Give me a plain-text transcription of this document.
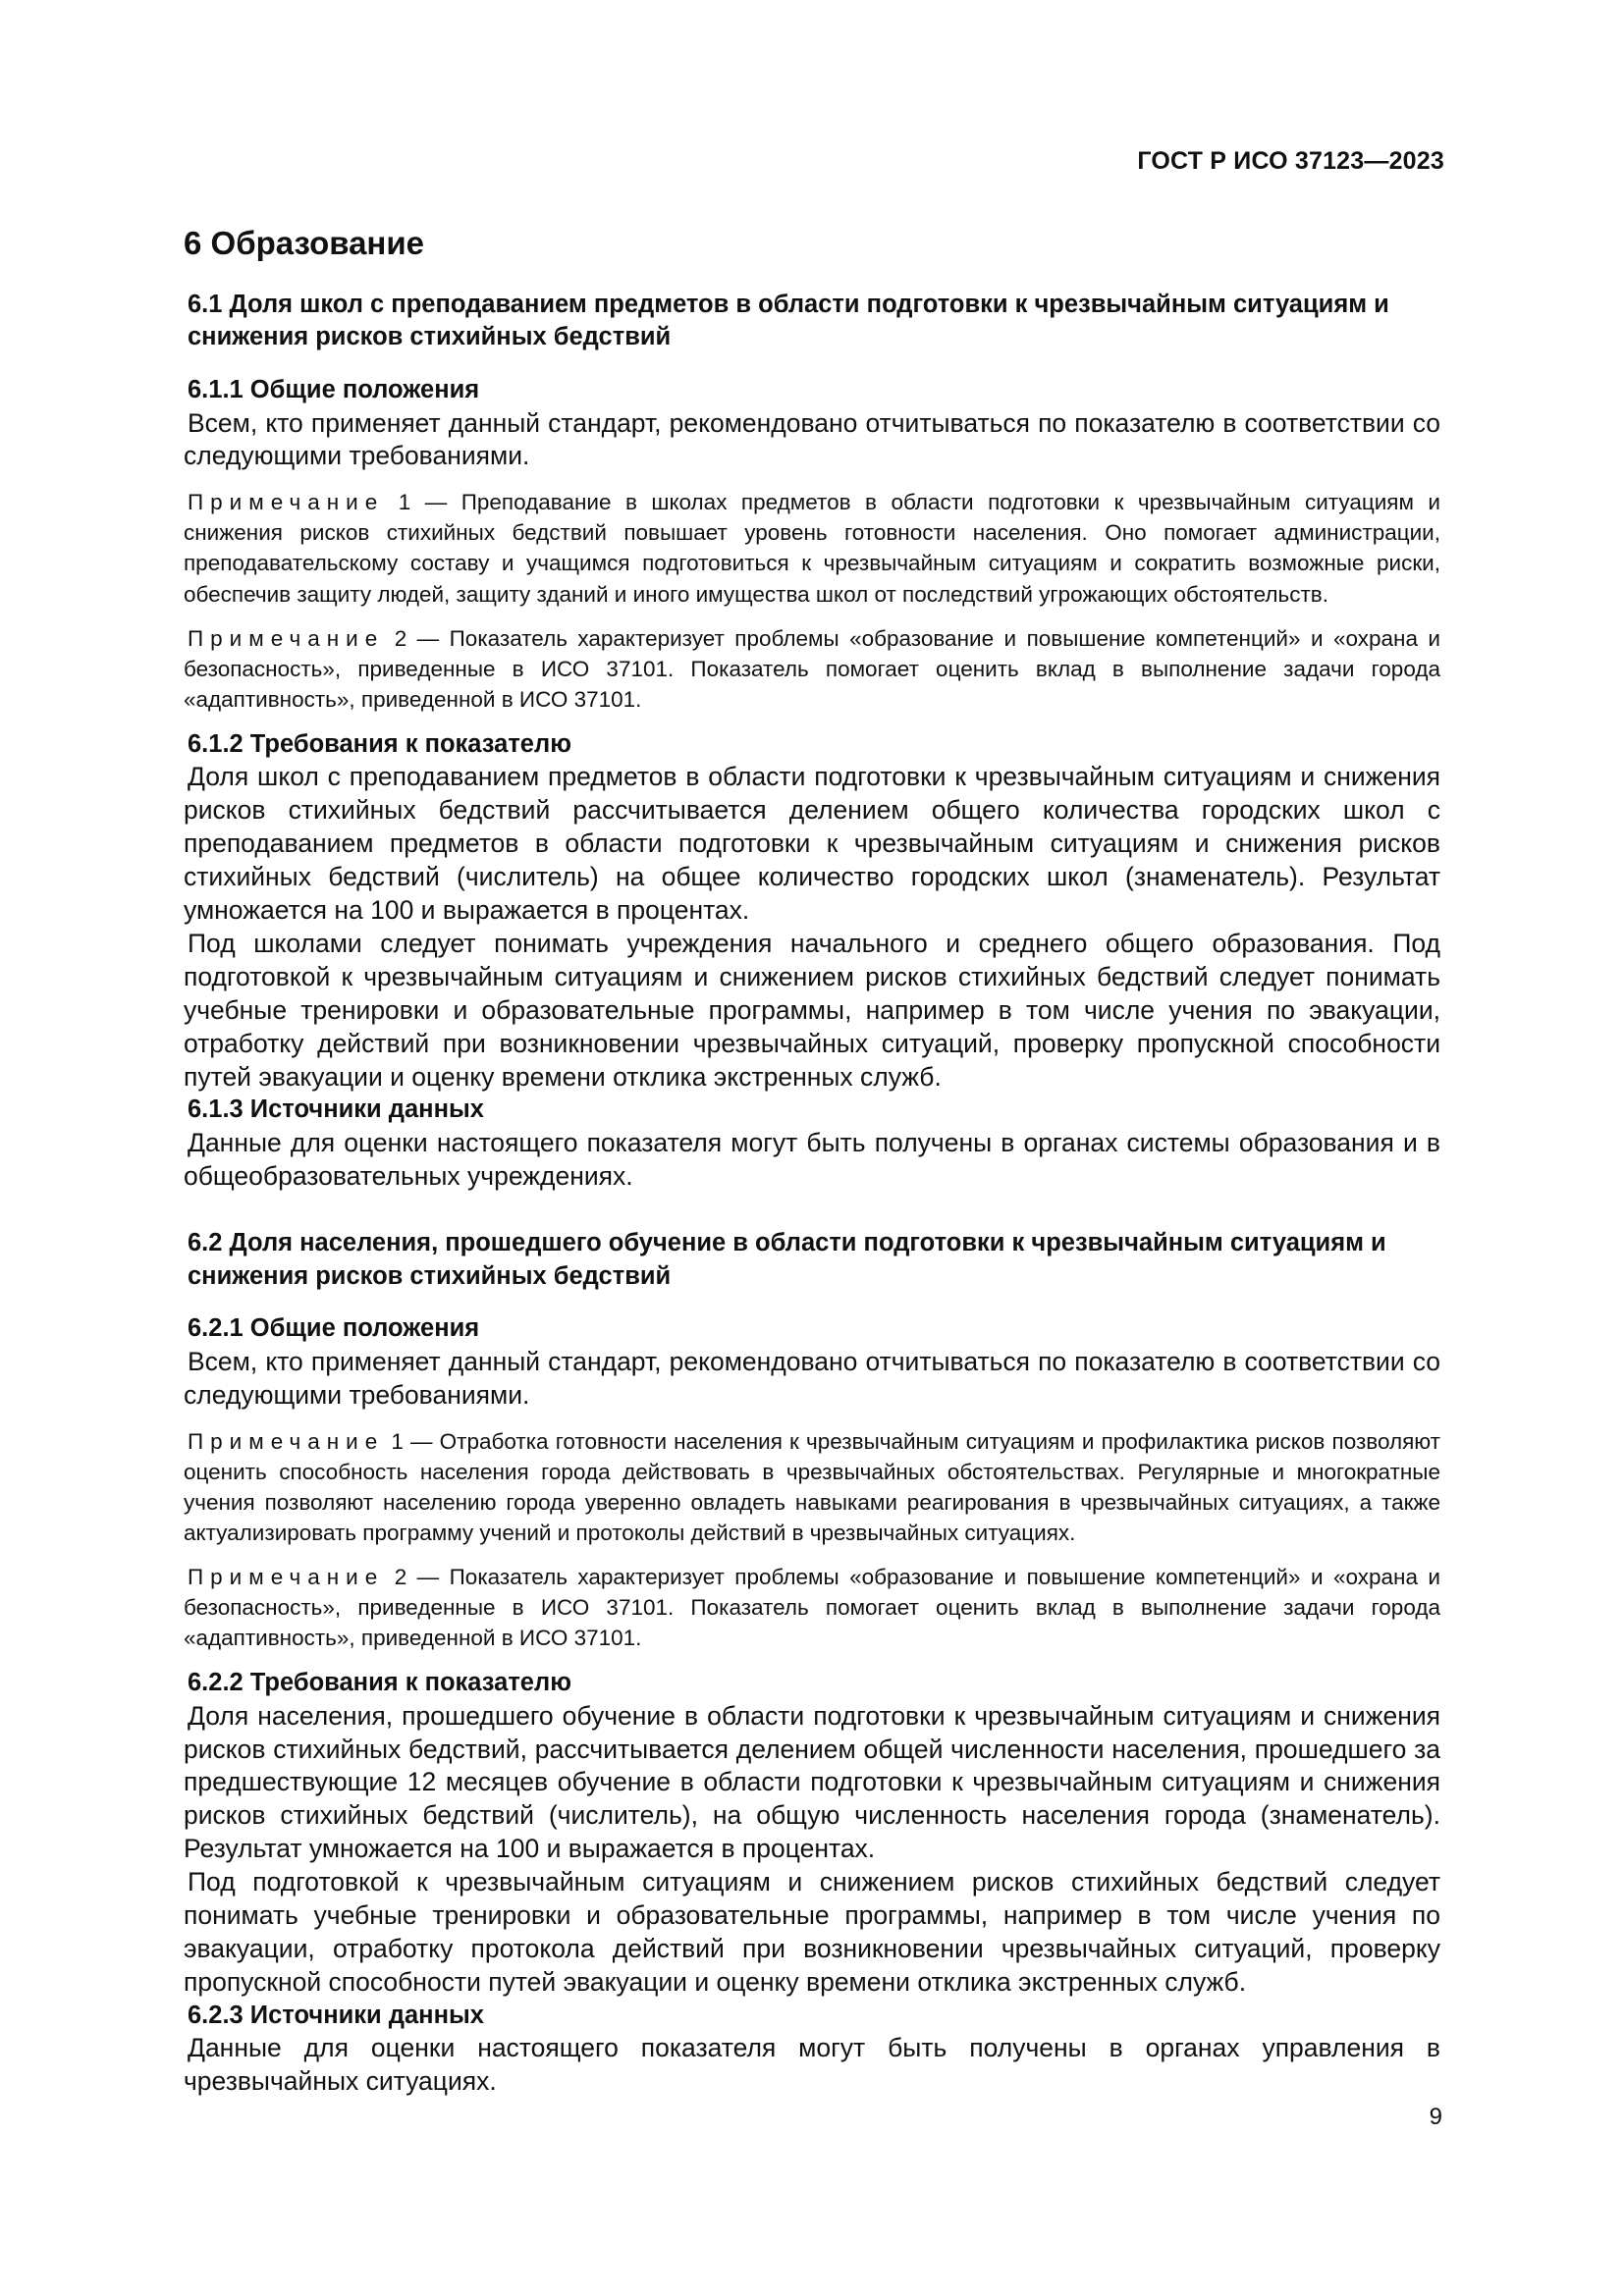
ГОСТ Р ИСО 37123—2023
6 Образование
6.1 Доля школ с преподаванием предметов в области подготовки к чрезвычайным ситуациям и снижения рисков стихийных бедствий
6.1.1 Общие положения

Всем, кто применяет данный стандарт, рекомендовано отчитываться по показателю в соответствии со следующими требованиями.

Примечание 1 — Преподавание в школах предметов в области подготовки к чрезвычайным ситуациям и снижения рисков стихийных бедствий повышает уровень готовности населения. Оно помогает администрации, преподавательскому составу и учащимся подготовиться к чрезвычайным ситуациям и сократить возможные риски, обеспечив защиту людей, защиту зданий и иного имущества школ от последствий угрожающих обстоятельств.

Примечание 2 — Показатель характеризует проблемы «образование и повышение компетенций» и «охрана и безопасность», приведенные в ИСО 37101. Показатель помогает оценить вклад в выполнение задачи города «адаптивность», приведенной в ИСО 37101.

6.1.2 Требования к показателю

Доля школ с преподаванием предметов в области подготовки к чрезвычайным ситуациям и снижения рисков стихийных бедствий рассчитывается делением общего количества городских школ с преподаванием предметов в области подготовки к чрезвычайным ситуациям и снижения рисков стихийных бедствий (числитель) на общее количество городских школ (знаменатель). Результат умножается на 100 и выражается в процентах.

Под школами следует понимать учреждения начального и среднего общего образования. Под подготовкой к чрезвычайным ситуациям и снижением рисков стихийных бедствий следует понимать учебные тренировки и образовательные программы, например в том числе учения по эвакуации, отработку действий при возникновении чрезвычайных ситуаций, проверку пропускной способности путей эвакуации и оценку времени отклика экстренных служб.

6.1.3 Источники данных

Данные для оценки настоящего показателя могут быть получены в органах системы образования и в общеобразовательных учреждениях.

6.2 Доля населения, прошедшего обучение в области подготовки к чрезвычайным ситуациям и снижения рисков стихийных бедствий
6.2.1 Общие положения

Всем, кто применяет данный стандарт, рекомендовано отчитываться по показателю в соответствии со следующими требованиями.

Примечание 1 — Отработка готовности населения к чрезвычайным ситуациям и профилактика рисков позволяют оценить способность населения города действовать в чрезвычайных обстоятельствах. Регулярные и многократные учения позволяют населению города уверенно овладеть навыками реагирования в чрезвычайных ситуациях, а также актуализировать программу учений и протоколы действий в чрезвычайных ситуациях.

Примечание 2 — Показатель характеризует проблемы «образование и повышение компетенций» и «охрана и безопасность», приведенные в ИСО 37101. Показатель помогает оценить вклад в выполнение задачи города «адаптивность», приведенной в ИСО 37101.

6.2.2 Требования к показателю

Доля населения, прошедшего обучение в области подготовки к чрезвычайным ситуациям и снижения рисков стихийных бедствий, рассчитывается делением общей численности населения, прошедшего за предшествующие 12 месяцев обучение в области подготовки к чрезвычайным ситуациям и снижения рисков стихийных бедствий (числитель), на общую численность населения города (знаменатель). Результат умножается на 100 и выражается в процентах.

Под подготовкой к чрезвычайным ситуациям и снижением рисков стихийных бедствий следует понимать учебные тренировки и образовательные программы, например в том числе учения по эвакуации, отработку протокола действий при возникновении чрезвычайных ситуаций, проверку пропускной способности путей эвакуации и оценку времени отклика экстренных служб.

6.2.3 Источники данных

Данные для оценки настоящего показателя могут быть получены в органах управления в чрезвычайных ситуациях.

9
